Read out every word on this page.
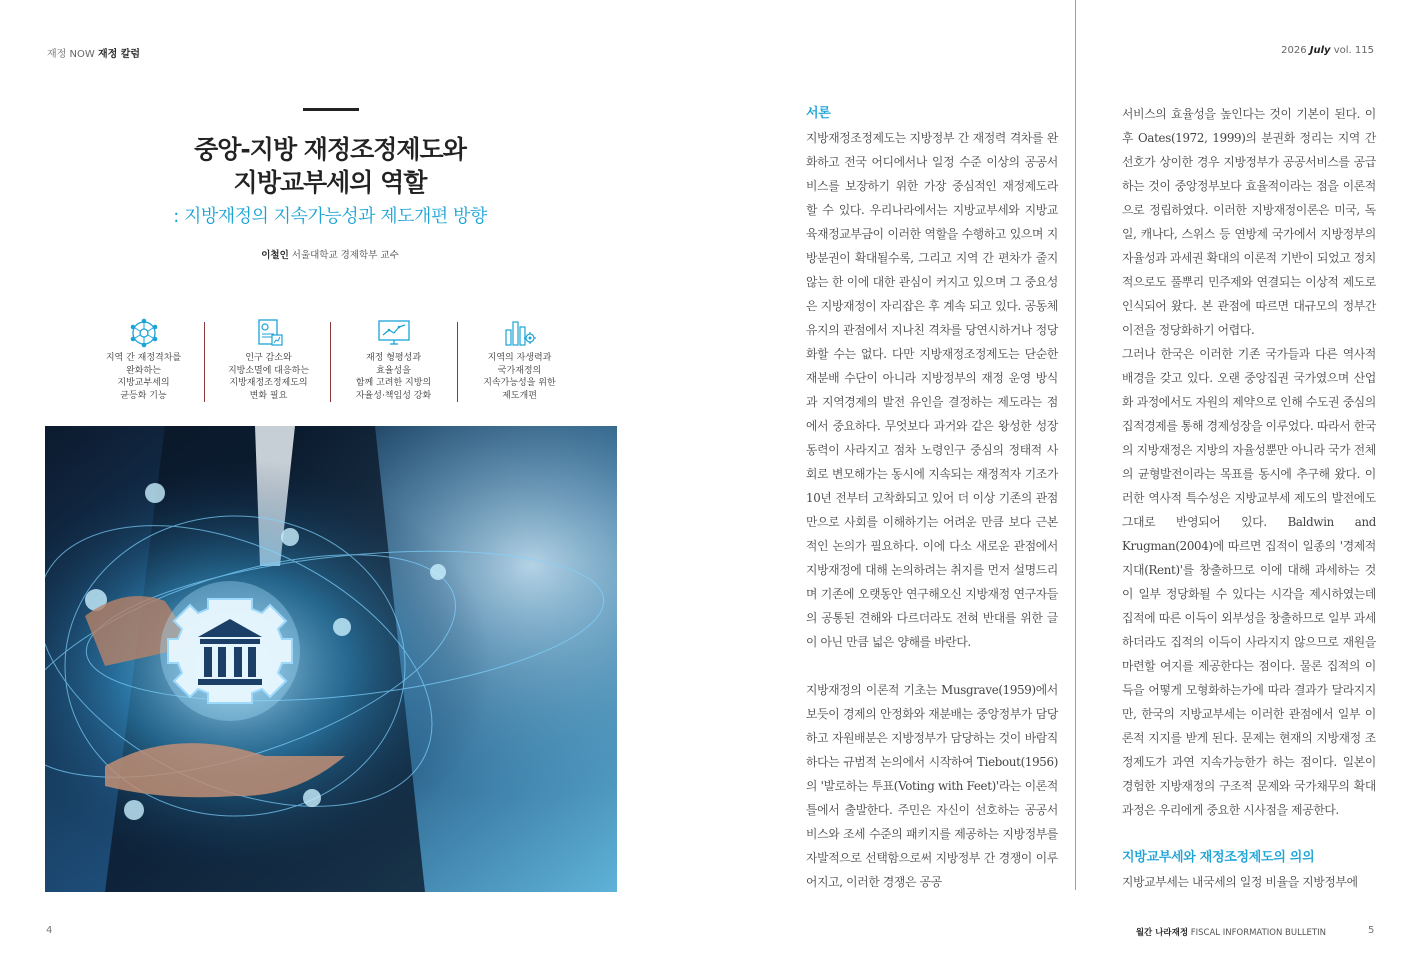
재정 NOW 재정 칼럼	2026 July vol. 115
중앙-지방 재정조정제도와
지방교부세의 역할
: 지방재정의 지속가능성과 제도개편 방향
이철인 서울대학교 경제학부 교수
지역 간 재정격차를
완화하는
지방교부세의
균등화 기능
인구 감소와
지방소멸에 대응하는
지방재정조정제도의
변화 필요
재정 형평성과
효율성을
함께 고려한 지방의
자율성·책임성 강화
지역의 자생력과
국가재정의
지속가능성을 위한
제도개편
4
서론
지방재정조정제도는 지방정부 간 재정력 격차를 완화하고 전국 어디에서나 일정 수준 이상의 공공서비스를 보장하기 위한 가장 중심적인 재정제도라 할 수 있다. 우리나라에서는 지방교부세와 지방교육재정교부금이 이러한 역할을 수행하고 있으며 지방분권이 확대될수록, 그리고 지역 간 편차가 줄지 않는 한 이에 대한 관심이 커지고 있으며 그 중요성은 지방재정이 자리잡은 후 계속 되고 있다. 공동체 유지의 관점에서 지나친 격차를 당연시하거나 정당화할 수는 없다. 다만 지방재정조정제도는 단순한 재분배 수단이 아니라 지방정부의 재정 운영 방식과 지역경제의 발전 유인을 결정하는 제도라는 점에서 중요하다. 무엇보다 과거와 같은 왕성한 성장동력이 사라지고 점차 노령인구 중심의 정태적 사회로 변모해가는 동시에 지속되는 재정적자 기조가 10년 전부터 고착화되고 있어 더 이상 기존의 관점만으로 사회를 이해하기는 어려운 만큼 보다 근본적인 논의가 필요하다. 이에 다소 새로운 관점에서 지방재정에 대해 논의하려는 취지를 먼저 설명드리며 기존에 오랫동안 연구해오신 지방재정 연구자들의 공통된 견해와 다르더라도 전혀 반대를 위한 글이 아닌 만큼 넓은 양해를 바란다.
지방재정의 이론적 기초는 Musgrave(1959)에서 보듯이 경제의 안정화와 재분배는 중앙정부가 담당하고 자원배분은 지방정부가 담당하는 것이 바람직하다는 규범적 논의에서 시작하여 Tiebout(1956)의 '발로하는 투표(Voting with Feet)'라는 이론적 틀에서 출발한다. 주민은 자신이 선호하는 공공서비스와 조세 수준의 패키지를 제공하는 지방정부를 자발적으로 선택함으로써 지방정부 간 경쟁이 이루어지고, 이러한 경쟁은 공공
서비스의 효율성을 높인다는 것이 기본이 된다. 이후 Oates(1972, 1999)의 분권화 정리는 지역 간 선호가 상이한 경우 지방정부가 공공서비스를 공급하는 것이 중앙정부보다 효율적이라는 점을 이론적으로 정립하였다. 이러한 지방재정이론은 미국, 독일, 캐나다, 스위스 등 연방제 국가에서 지방정부의 자율성과 과세권 확대의 이론적 기반이 되었고 정치적으로도 풀뿌리 민주제와 연결되는 이상적 제도로 인식되어 왔다. 본 관점에 따르면 대규모의 정부간 이전을 정당화하기 어렵다.
그러나 한국은 이러한 기존 국가들과 다른 역사적 배경을 갖고 있다. 오랜 중앙집권 국가였으며 산업화 과정에서도 자원의 제약으로 인해 수도권 중심의 집적경제를 통해 경제성장을 이루었다. 따라서 한국의 지방재정은 지방의 자율성뿐만 아니라 국가 전체의 균형발전이라는 목표를 동시에 추구해 왔다. 이러한 역사적 특수성은 지방교부세 제도의 발전에도 그대로 반영되어 있다. Baldwin and Krugman(2004)에 따르면 집적이 일종의 '경제적 지대(Rent)'를 창출하므로 이에 대해 과세하는 것이 일부 정당화될 수 있다는 시각을 제시하였는데 집적에 따른 이득이 외부성을 창출하므로 일부 과세하더라도 집적의 이득이 사라지지 않으므로 재원을 마련할 여지를 제공한다는 점이다. 물론 집적의 이득을 어떻게 모형화하는가에 따라 결과가 달라지지만, 한국의 지방교부세는 이러한 관점에서 일부 이론적 지지를 받게 된다. 문제는 현재의 지방재정 조정제도가 과연 지속가능한가 하는 점이다. 일본이 경험한 지방재정의 구조적 문제와 국가채무의 확대 과정은 우리에게 중요한 시사점을 제공한다.
지방교부세와 재정조정제도의 의의
지방교부세는 내국세의 일정 비율을 지방정부에
월간 나라재정 FISCAL INFORMATION BULLETIN	5
